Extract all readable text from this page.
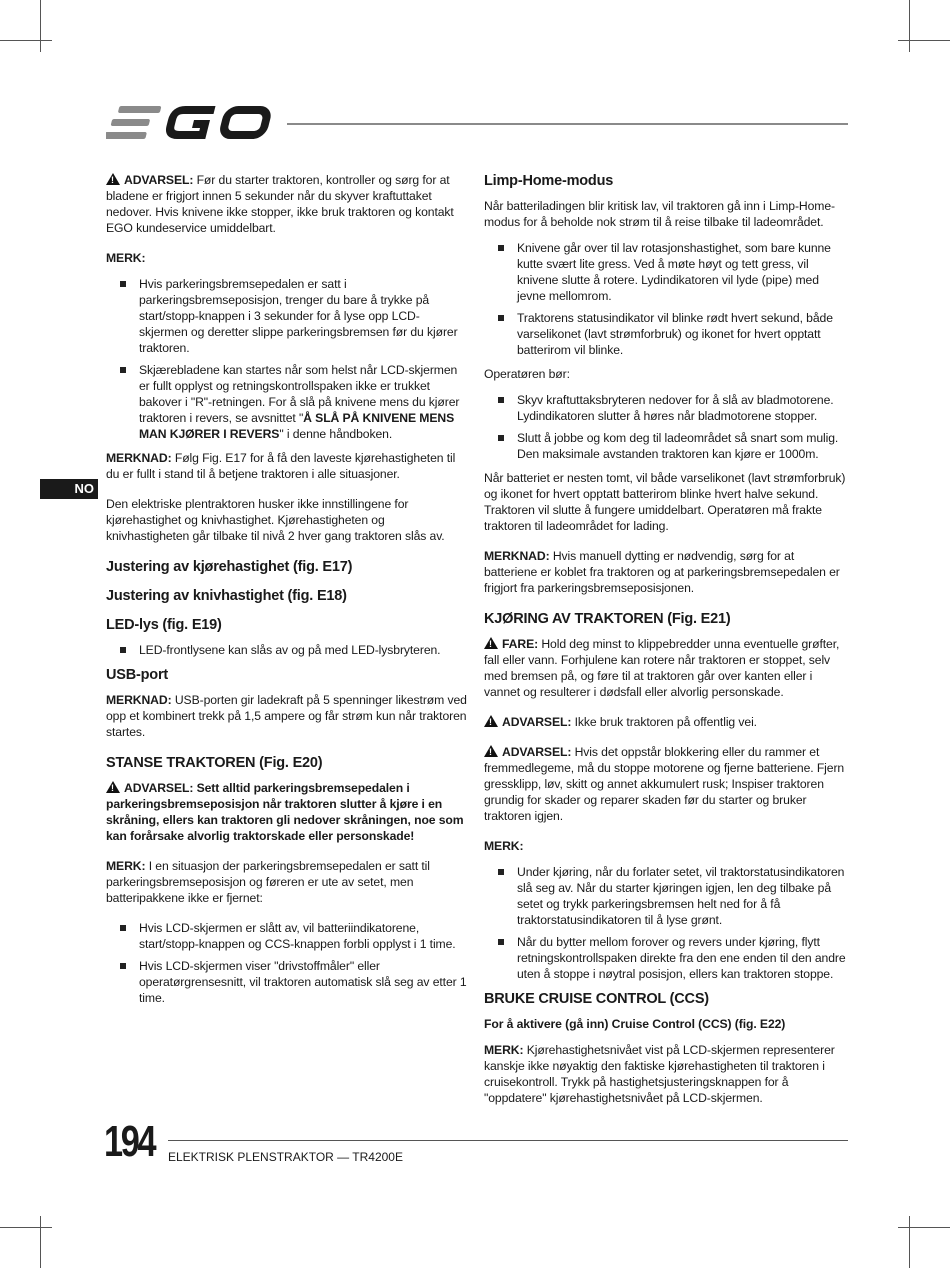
NO

!ADVARSEL: Før du starter traktoren, kontroller og sørg for at bladene er frigjort innen 5 sekunder når du skyver kraftuttaket nedover. Hvis knivene ikke stopper, ikke bruk traktoren og kontakt EGO kundeservice umiddelbart.

MERK:

Hvis parkeringsbremsepedalen er satt i parkeringsbremseposisjon, trenger du bare å trykke på start/stopp-knappen i 3 sekunder for å lyse opp LCD-skjermen og deretter slippe parkeringsbremsen før du kjører traktoren.
Skjærebladene kan startes når som helst når LCD-skjermen er fullt opplyst og retningskontrollspaken ikke er trukket bakover i "R"-retningen. For å slå på knivene mens du kjører traktoren i revers, se avsnittet "Å SLÅ PÅ KNIVENE MENS MAN KJØRER I REVERS" i denne håndboken.

MERKNAD: Følg Fig. E17 for å få den laveste kjørehastigheten til du er fullt i stand til å betjene traktoren i alle situasjoner.

Den elektriske plentraktoren husker ikke innstillingene for kjørehastighet og knivhastighet. Kjørehastigheten og knivhastigheten går tilbake til nivå 2 hver gang traktoren slås av.

Justering av kjørehastighet (fig. E17)
Justering av knivhastighet (fig. E18)
LED-lys (fig. E19)
LED-frontlysene kan slås av og på med LED-lysbryteren.
USB-port

MERKNAD: USB-porten gir ladekraft på 5 spenninger likestrøm ved opp et kombinert trekk på 1,5 ampere og får strøm kun når traktoren startes.

STANSE TRAKTOREN (Fig. E20)

!ADVARSEL: Sett alltid parkeringsbremsepedalen i parkeringsbremseposisjon når traktoren slutter å kjøre i en skråning, ellers kan traktoren gli nedover skråningen, noe som kan forårsake alvorlig traktorskade eller personskade!

MERK: I en situasjon der parkeringsbremsepedalen er satt til parkeringsbremseposisjon og føreren er ute av setet, men batteripakkene ikke er fjernet:

Hvis LCD-skjermen er slått av, vil batteriindikatorene, start/stopp-knappen og CCS-knappen forbli opplyst i 1 time.
Hvis LCD-skjermen viser "drivstoffmåler" eller operatørgrensesnitt, vil traktoren automatisk slå seg av etter 1 time.
Limp-Home-modus

Når batteriladingen blir kritisk lav, vil traktoren gå inn i Limp-Home-modus for å beholde nok strøm til å reise tilbake til ladeområdet.

Knivene går over til lav rotasjonshastighet, som bare kunne kutte svært lite gress. Ved å møte høyt og tett gress, vil knivene slutte å rotere. Lydindikatoren vil lyde (pipe) med jevne mellomrom.
Traktorens statusindikator vil blinke rødt hvert sekund, både varselikonet (lavt strømforbruk) og ikonet for hvert opptatt batterirom vil blinke.

Operatøren bør:

Skyv kraftuttaksbryteren nedover for å slå av bladmotorene. Lydindikatoren slutter å høres når bladmotorene stopper.
Slutt å jobbe og kom deg til ladeområdet så snart som mulig. Den maksimale avstanden traktoren kan kjøre er 1000m.

Når batteriet er nesten tomt, vil både varselikonet (lavt strømforbruk) og ikonet for hvert opptatt batterirom blinke hvert halve sekund. Traktoren vil slutte å fungere umiddelbart. Operatøren må frakte traktoren til ladeområdet for lading.

MERKNAD: Hvis manuell dytting er nødvendig, sørg for at batteriene er koblet fra traktoren og at parkeringsbremsepedalen er frigjort fra parkeringsbremseposisjonen.

KJØRING AV TRAKTOREN (Fig. E21)

!FARE: Hold deg minst to klippebredder unna eventuelle grøfter, fall eller vann. Forhjulene kan rotere når traktoren er stoppet, selv med bremsen på, og føre til at traktoren går over kanten eller i vannet og resulterer i dødsfall eller alvorlig personskade.

!ADVARSEL: Ikke bruk traktoren på offentlig vei.

!ADVARSEL: Hvis det oppstår blokkering eller du rammer et fremmedlegeme, må du stoppe motorene og fjerne batteriene. Fjern gressklipp, løv, skitt og annet akkumulert rusk; Inspiser traktoren grundig for skader og reparer skaden før du starter og bruker traktoren igjen.

MERK:

Under kjøring, når du forlater setet, vil traktorstatusindikatoren slå seg av. Når du starter kjøringen igjen, len deg tilbake på setet og trykk parkeringsbremsen helt ned for å få traktorstatusindikatoren til å lyse grønt.
Når du bytter mellom forover og revers under kjøring, flytt retningskontrollspaken direkte fra den ene enden til den andre uten å stoppe i nøytral posisjon, ellers kan traktoren stoppe.
BRUKE CRUISE CONTROL (CCS)

For å aktivere (gå inn) Cruise Control (CCS) (fig. E22)

MERK: Kjørehastighetsnivået vist på LCD-skjermen representerer kanskje ikke nøyaktig den faktiske kjørehastigheten til traktoren i cruisekontroll. Trykk på hastighetsjusteringsknappen for å "oppdatere" kjørehastighetsnivået på LCD-skjermen.

194 ELEKTRISK PLENSTRAKTOR — TR4200E
